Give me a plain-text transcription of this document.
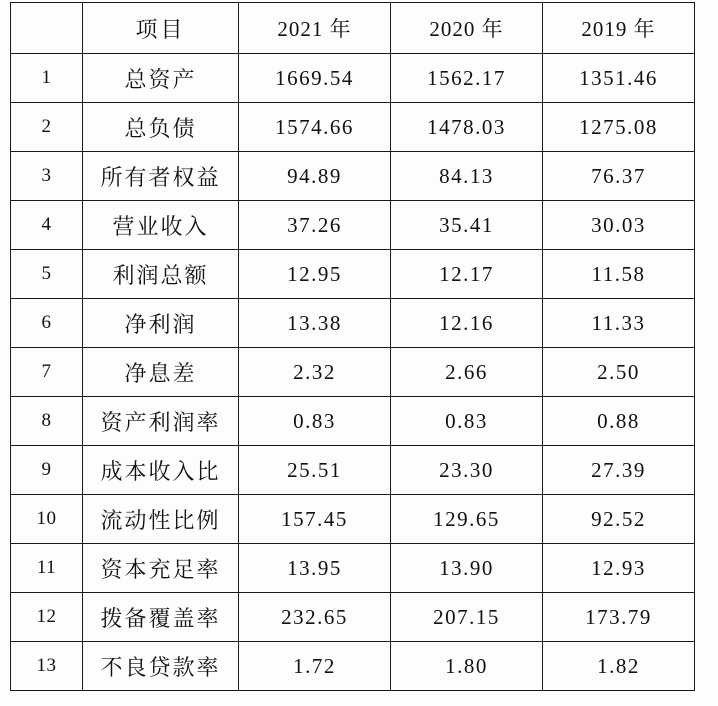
	项目	2021 年	2020 年	2019 年
1	总资产	1669.54	1562.17	1351.46
2	总负债	1574.66	1478.03	1275.08
3	所有者权益	94.89	84.13	76.37
4	营业收入	37.26	35.41	30.03
5	利润总额	12.95	12.17	11.58
6	净利润	13.38	12.16	11.33
7	净息差	2.32	2.66	2.50
8	资产利润率	0.83	0.83	0.88
9	成本收入比	25.51	23.30	27.39
10	流动性比例	157.45	129.65	92.52
11	资本充足率	13.95	13.90	12.93
12	拨备覆盖率	232.65	207.15	173.79
13	不良贷款率	1.72	1.80	1.82
